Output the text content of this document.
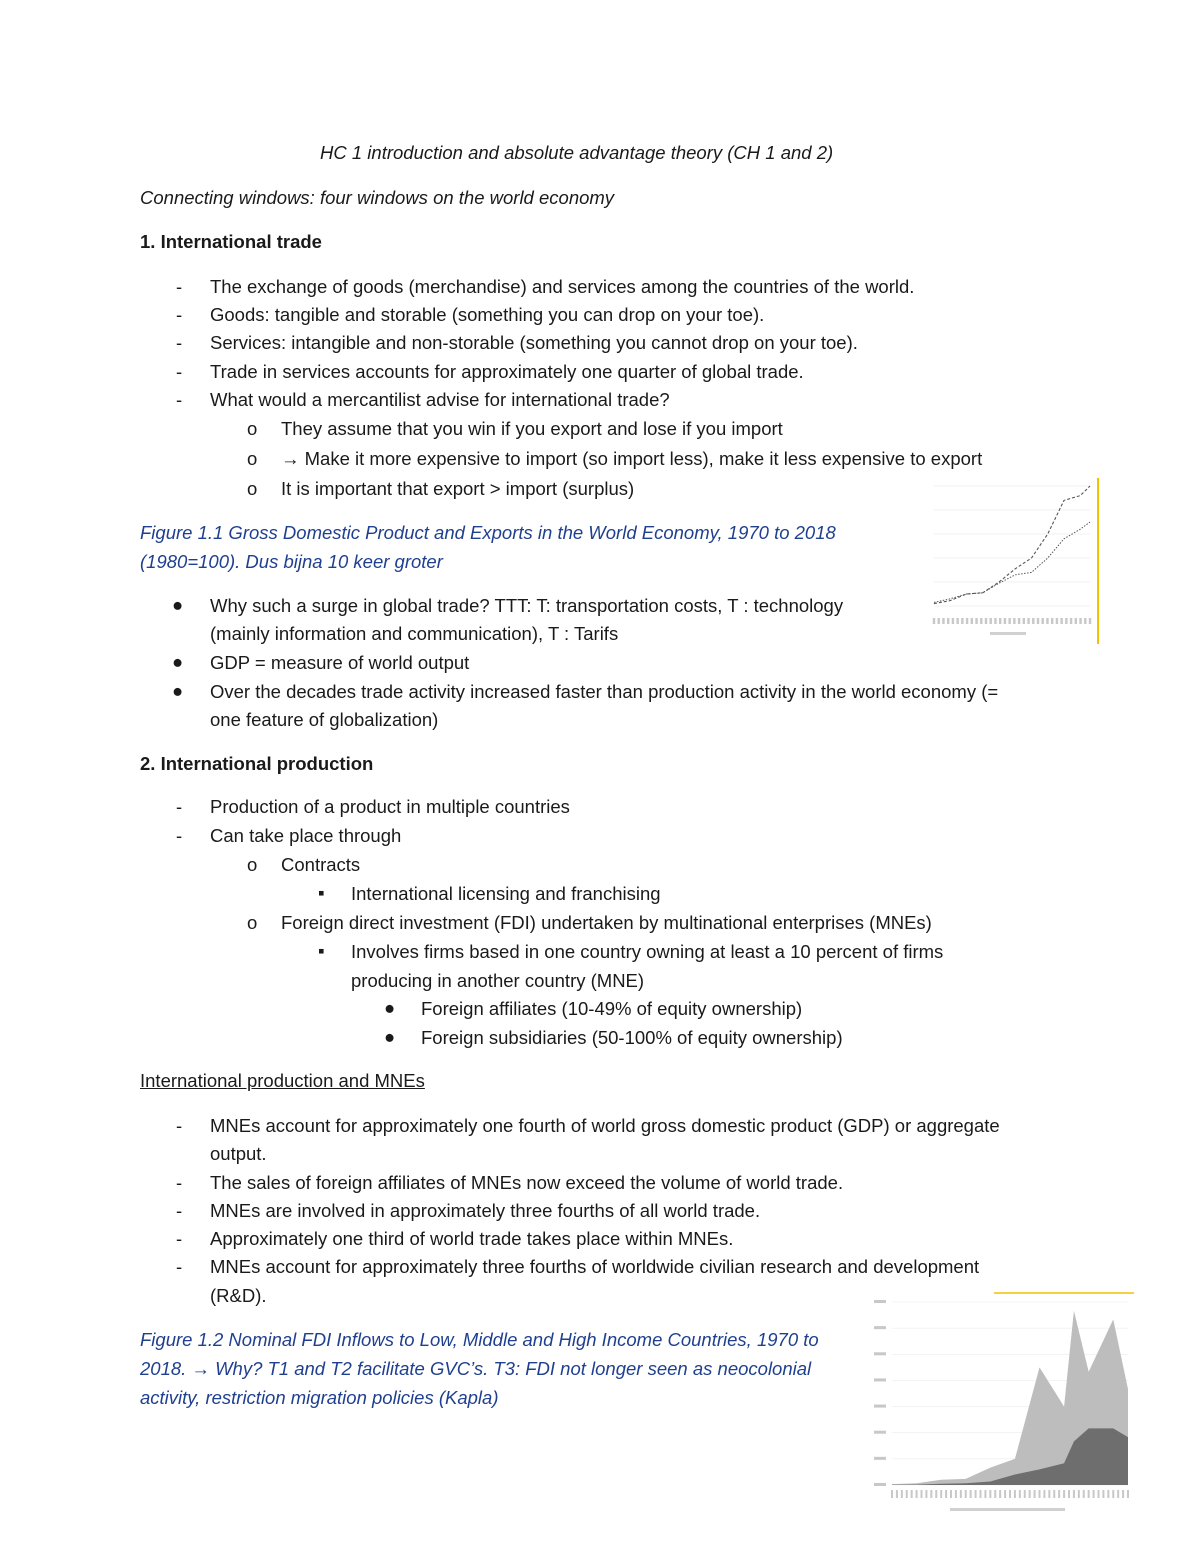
HC 1 introduction and absolute advantage theory (CH 1 and 2)
Connecting windows: four windows on the world economy
1. International trade
- The exchange of goods (merchandise) and services among the countries of the world.
- Goods: tangible and storable (something you can drop on your toe).
- Services: intangible and non-storable (something you cannot drop on your toe).
- Trade in services accounts for approximately one quarter of global trade.
- What would a mercantilist advise for international trade?
o They assume that you win if you export and lose if you import
o → Make it more expensive to import (so import less), make it less expensive to export
o It is important that export > import (surplus)
Figure 1.1 Gross Domestic Product and Exports in the World Economy, 1970 to 2018
(1980=100). Dus bijna 10 keer groter
● Why such a surge in global trade? TTT: T: transportation costs, T : technology
(mainly information and communication), T : Tarifs
● GDP = measure of world output
● Over the decades trade activity increased faster than production activity in the world economy (=
one feature of globalization)
2. International production
- Production of a product in multiple countries
- Can take place through
o Contracts
▪ International licensing and franchising
o Foreign direct investment (FDI) undertaken by multinational enterprises (MNEs)
▪ Involves firms based in one country owning at least a 10 percent of firms
producing in another country (MNE)
● Foreign affiliates (10-49% of equity ownership)
● Foreign subsidiaries (50-100% of equity ownership)
International production and MNEs
- MNEs account for approximately one fourth of world gross domestic product (GDP) or aggregate
output.
- The sales of foreign affiliates of MNEs now exceed the volume of world trade.
- MNEs are involved in approximately three fourths of all world trade.
- Approximately one third of world trade takes place within MNEs.
- MNEs account for approximately three fourths of worldwide civilian research and development
(R&D).
Figure 1.2 Nominal FDI Inflows to Low, Middle and High Income Countries, 1970 to
2018. → Why? T1 and T2 facilitate GVC’s. T3: FDI not longer seen as neocolonial
activity, restriction migration policies (Kapla)
